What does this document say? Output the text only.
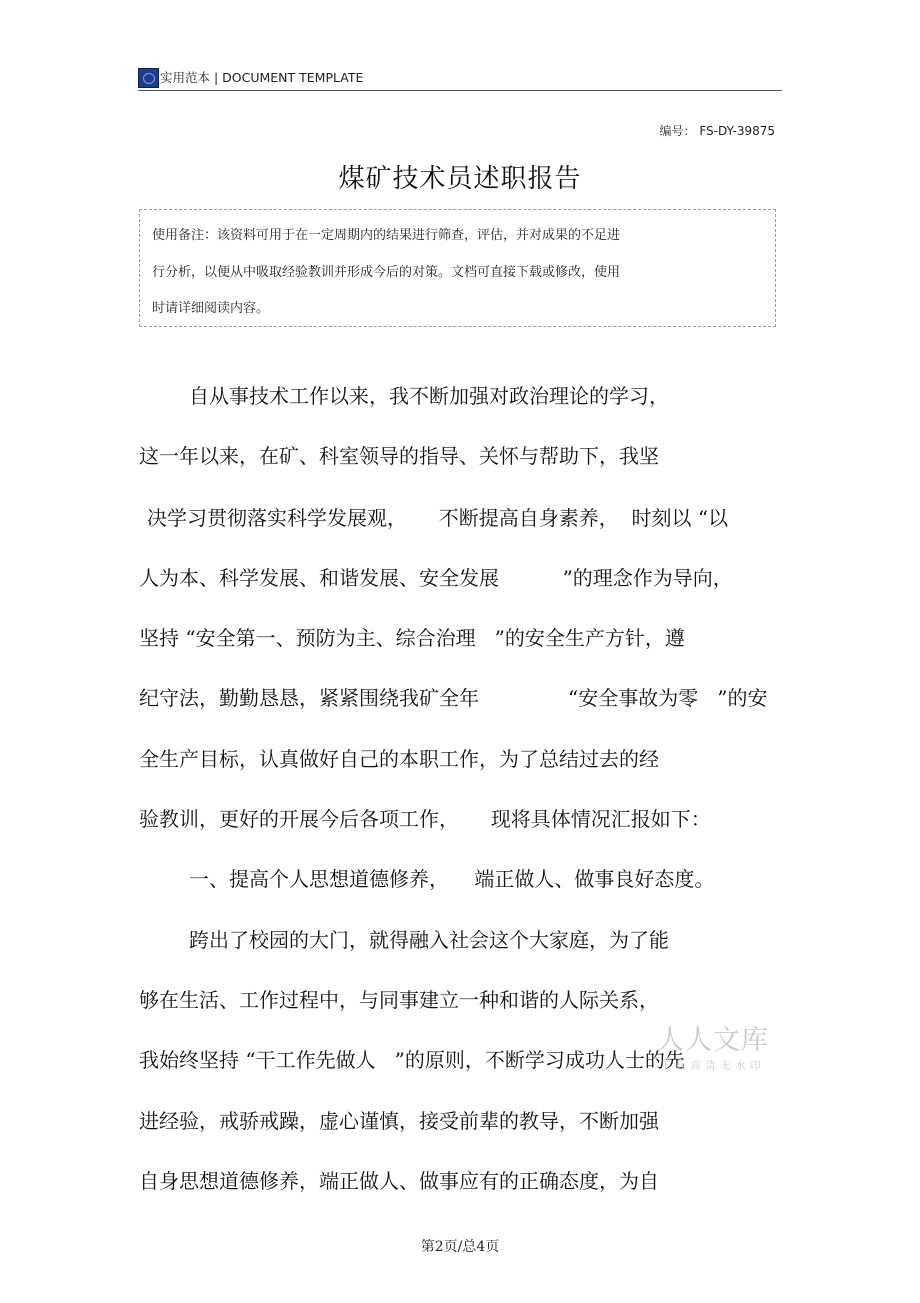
实用范本 | DOCUMENT TEMPLATE
编号： FS-DY-39875
煤矿技术员述职报告
使用备注：该资料可用于在一定周期内的结果进行筛查，评估，并对成果的不足进
行分析，以便从中吸取经验教训并形成今后的对策。文档可直接下载或修改，使用
时请详细阅读内容。
自从事技术工作以来，我不断加强对政治理论的学习，
这一年以来，在矿、科室领导的指导、关怀与帮助下，我坚
决学习贯彻落实科学发展观，     不断提高自身素养，  时刻以 “以
人为本、科学发展、和谐发展、安全发展          ”的理念作为导向，
坚持 “安全第一、预防为主、综合治理   ”的安全生产方针，遵
纪守法，勤勤恳恳，紧紧围绕我矿全年              “安全事故为零   ”的安
全生产目标，认真做好自己的本职工作，为了总结过去的经
验教训，更好的开展今后各项工作，     现将具体情况汇报如下：
一、提高个人思想道德修养，    端正做人、做事良好态度。
跨出了校园的大门，就得融入社会这个大家庭，为了能
够在生活、工作过程中，与同事建立一种和谐的人际关系，
我始终坚持 “干工作先做人   ”的原则，不断学习成功人士的先
进经验，戒骄戒躁，虚心谨慎，接受前辈的教导，不断加强
自身思想道德修养，端正做人、做事应有的正确态度，为自
人人文库
下载高清无水印
第2页/总4页
